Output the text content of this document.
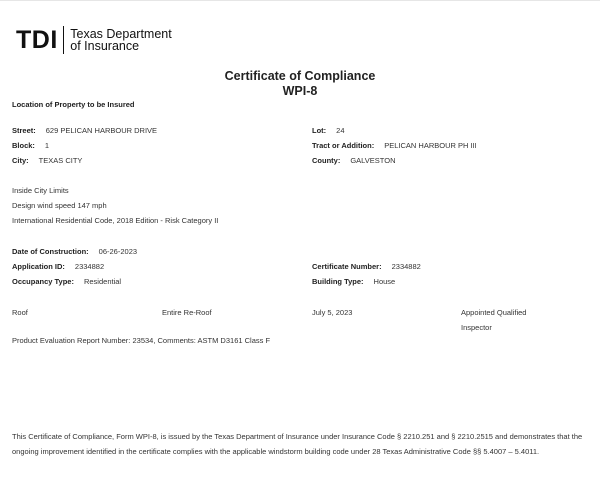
TDI Texas Department
of Insurance
Certificate of Compliance
WPI-8
Location of Property to be Insured
Street: 629 PELICAN HARBOUR DRIVE	Lot: 24
Block: 1	Tract or Addition: PELICAN HARBOUR PH III
City: TEXAS CITY	County: GALVESTON
Inside City Limits
Design wind speed 147 mph
International Residential Code, 2018 Edition - Risk Category II
Date of Construction: 06-26-2023
Application ID: 2334882	Certificate Number: 2334882
Occupancy Type: Residential	Building Type: House
Roof	Entire Re-Roof	July 5, 2023	Appointed Qualified
Inspector
Product Evaluation Report Number: 23534, Comments: ASTM D3161 Class F
This Certificate of Compliance, Form WPI-8, is issued by the Texas Department of Insurance under Insurance Code § 2210.251 and § 2210.2515 and demonstrates that the ongoing improvement identified in the certificate complies with the applicable windstorm building code under 28 Texas Administrative Code §§ 5.4007 – 5.4011.
